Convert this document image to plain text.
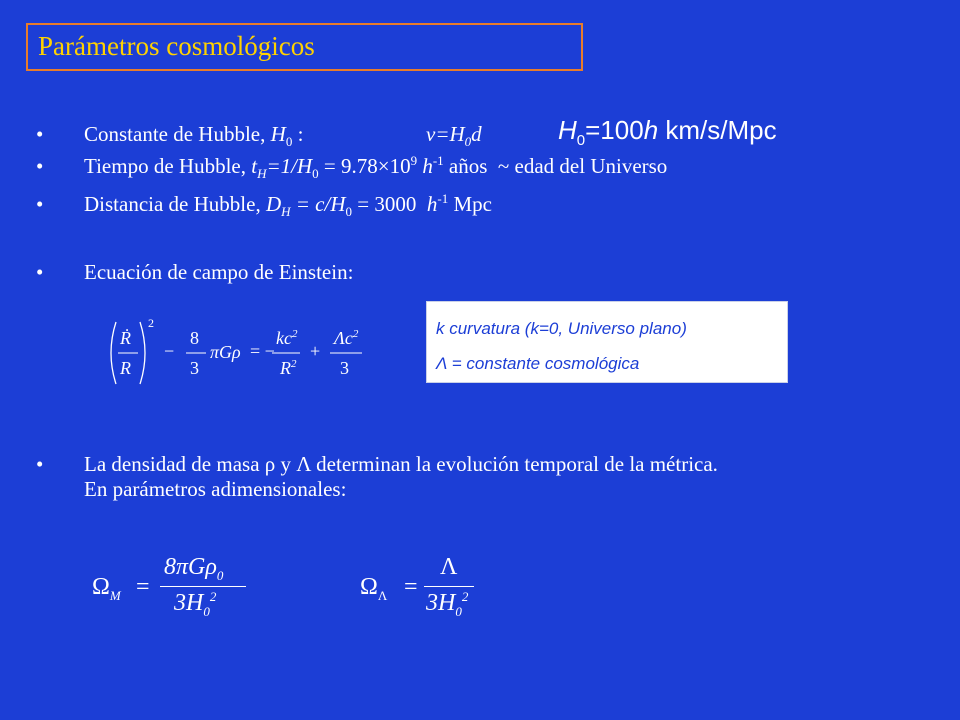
Parámetros cosmológicos
• Constante de Hubble, $H_0$ :	$v=H_0d$	$H_0=100h$ km/s/Mpc
• Tiempo de Hubble, $t_H=1/H_0 = 9.78\times 10^9$ $h^{-1}$ años  ~ edad del Universo
• Distancia de Hubble, $D_H = c/H_0 = 3000$  $h^{-1}$ Mpc
• Ecuación de campo de Einstein:
Ṙ
R
2
−
8
3
πGρ = −
$kc^2$
$R^2$
+
$\Lambda c^2$
3
k curvatura (k=0, Universo plano)
Λ = constante cosmológica
• La densidad de masa ρ y Λ determinan la evolución temporal de la métrica.
En parámetros adimensionales:
$\Omega_M$ =
8πGρ$_0$
$3H_0^2$	$\Omega_\Lambda$ =
Λ
$3H_0^2$
